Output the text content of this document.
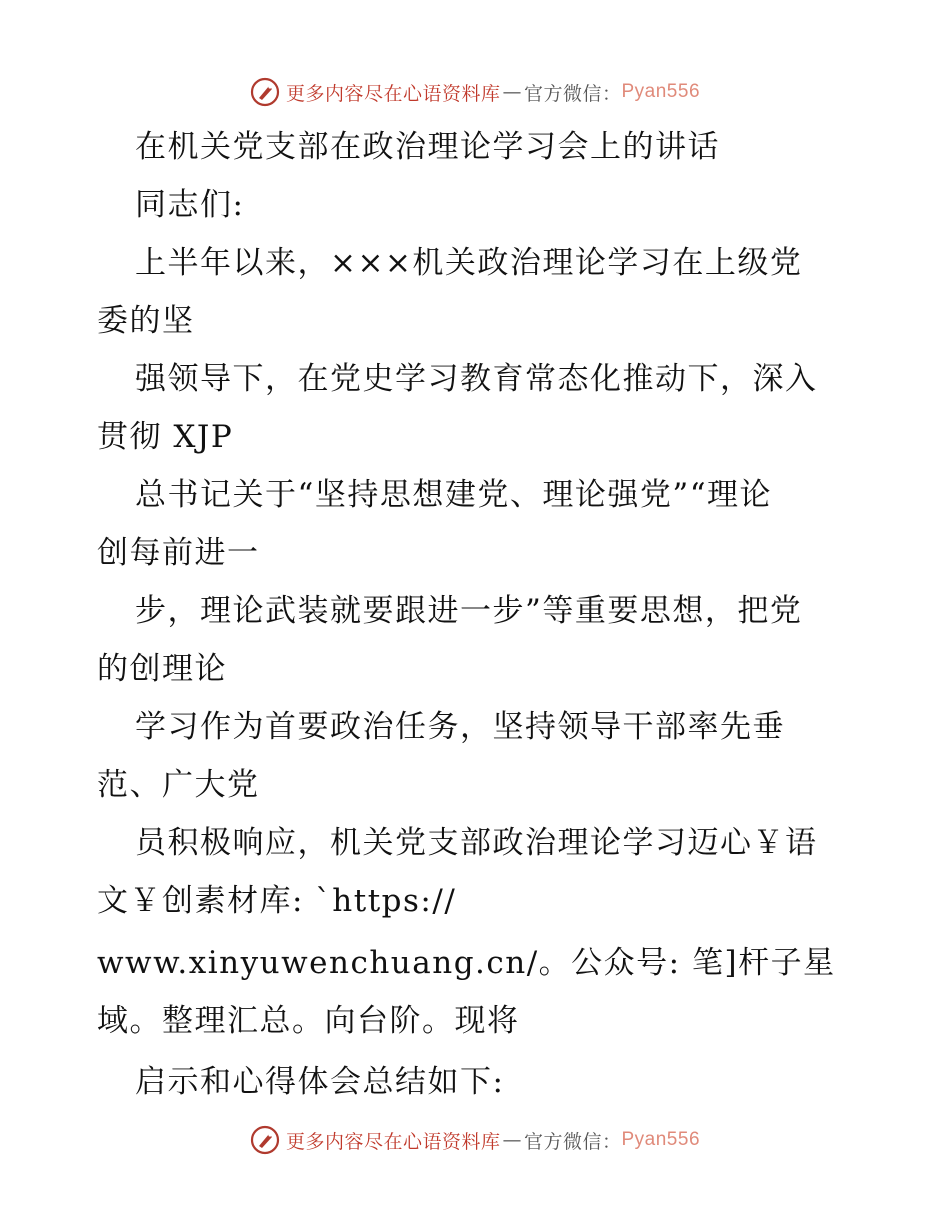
更多内容尽在心语资料库 — 官方微信： Pyan556
在机关党支部在政治理论学习会上的讲话
同志们:
上半年以来，×××机关政治理论学习在上级党
委的坚
强领导下，在党史学习教育常态化推动下，深入
贯彻 XJP
总书记关于“坚持思想建党、理论强党”“理论
创每前进一
步，理论武装就要跟进一步”等重要思想，把党
的创理论
学习作为首要政治任务，坚持领导干部率先垂
范、广大党
员积极响应，机关党支部政治理论学习迈心￥语
文￥创素材库: `https://
www.xinyuwenchuang.cn/。公众号: 笔]杆子星
域。整理汇总。向台阶。现将
启示和心得体会总结如下:
更多内容尽在心语资料库 — 官方微信： Pyan556
